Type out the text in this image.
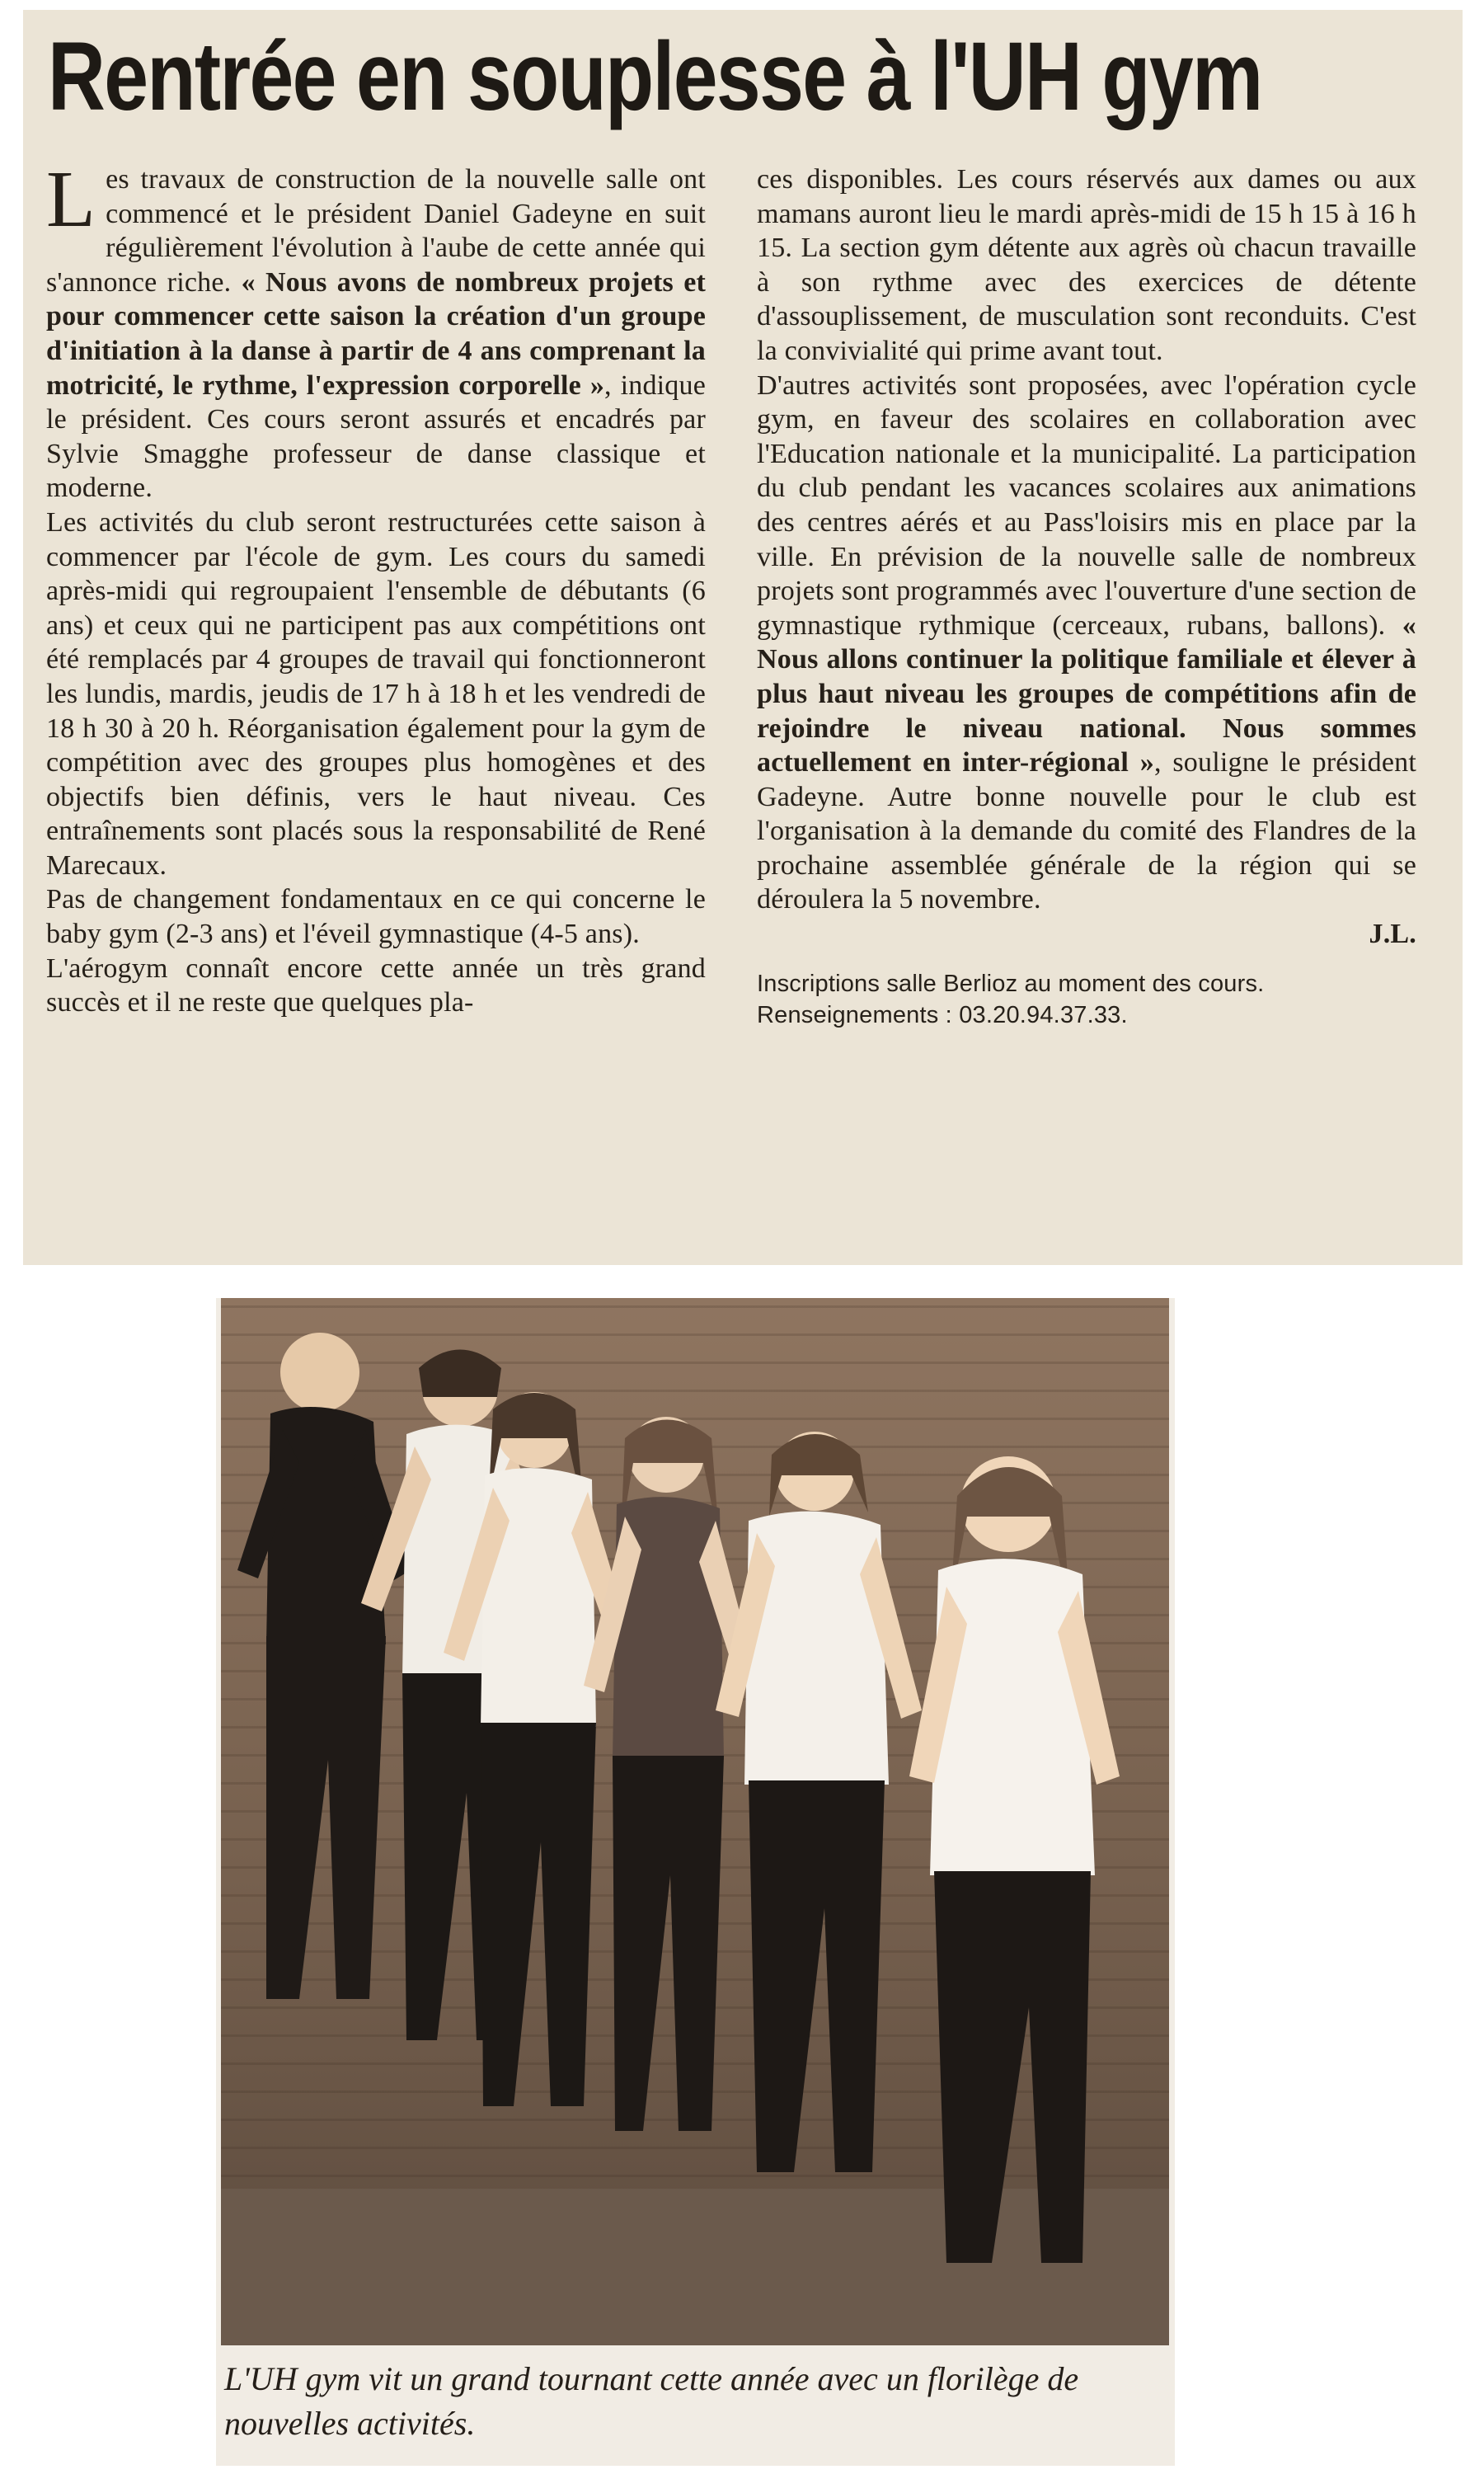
Rentrée en souplesse à l'UH gym

Les travaux de construction de la nouvelle salle ont commencé et le président Daniel Gadeyne en suit régulièrement l'évolution à l'aube de cette année qui s'annonce riche. « Nous avons de nombreux projets et pour commencer cette saison la création d'un groupe d'initiation à la danse à partir de 4 ans comprenant la motricité, le rythme, l'expression corporelle », indique le président. Ces cours seront assurés et encadrés par Sylvie Smagghe professeur de danse classique et moderne.

Les activités du club seront restructurées cette saison à commencer par l'école de gym. Les cours du samedi après-midi qui regroupaient l'ensemble de débutants (6 ans) et ceux qui ne participent pas aux compétitions ont été remplacés par 4 groupes de travail qui fonctionneront les lundis, mardis, jeudis de 17 h à 18 h et les vendredi de 18 h 30 à 20 h. Réorganisation également pour la gym de compétition avec des groupes plus homogènes et des objectifs bien définis, vers le haut niveau. Ces entraînements sont placés sous la responsabilité de René Marecaux.

Pas de changement fondamentaux en ce qui concerne le baby gym (2-3 ans) et l'éveil gymnastique (4-5 ans).

L'aérogym connaît encore cette année un très grand succès et il ne reste que quelques pla-

ces disponibles. Les cours réservés aux dames ou aux mamans auront lieu le mardi après-midi de 15 h 15 à 16 h 15. La section gym détente aux agrès où chacun travaille à son rythme avec des exercices de détente d'assouplissement, de musculation sont reconduits. C'est la convivialité qui prime avant tout.

D'autres activités sont proposées, avec l'opération cycle gym, en faveur des scolaires en collaboration avec l'Education nationale et la municipalité. La participation du club pendant les vacances scolaires aux animations des centres aérés et au Pass'loisirs mis en place par la ville. En prévision de la nouvelle salle de nombreux projets sont programmés avec l'ouverture d'une section de gymnastique rythmique (cerceaux, rubans, ballons). « Nous allons continuer la politique familiale et élever à plus haut niveau les groupes de compétitions afin de rejoindre le niveau national. Nous sommes actuellement en inter-régional », souligne le président Gadeyne. Autre bonne nouvelle pour le club est l'organisation à la demande du comité des Flandres de la prochaine assemblée générale de la région qui se déroulera la 5 novembre.

J.L.

Inscriptions salle Berlioz au moment des cours.
Renseignements : 03.20.94.37.33.

L'UH gym vit un grand tournant cette année avec un florilège de nouvelles activités.
